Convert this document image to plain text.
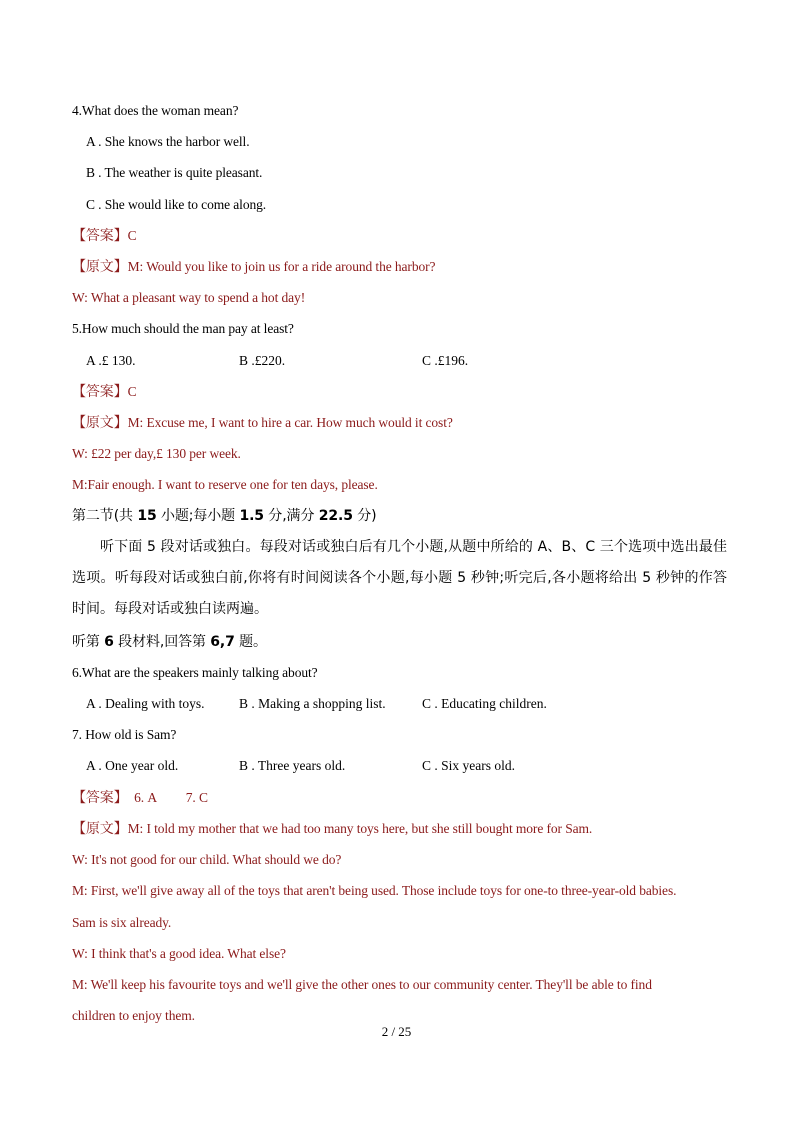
4.What does the woman mean?
A . She knows the harbor well.
B . The weather is quite pleasant.
C . She would like to come along.
【答案】C
【原文】M: Would you like to join us for a ride around the harbor?
W: What a pleasant way to spend a hot day!
5.How much should the man pay at least?
A .£ 130.	B .£220.	C .£196.
【答案】C
【原文】M: Excuse me, I want to hire a car. How much would it cost?
W: £22 per day,£ 130 per week.
M:Fair enough. I want to reserve one for ten days, please.
第二节(共 15 小题;每小题 1.5 分,满分 22.5 分)
听下面 5 段对话或独白。每段对话或独白后有几个小题,从题中所给的 A、B、C 三个选项中选出最佳选项。听每段对话或独白前,你将有时间阅读各个小题,每小题 5 秒钟;听完后,各小题将给出 5 秒钟的作答时间。每段对话或独白读两遍。
听第 6 段材料,回答第 6,7 题。
6.What are the speakers mainly talking about?
A . Dealing with toys.	B . Making a shopping list.	C . Educating children.
7. How old is Sam?
A . One year old.	B . Three years old.	C . Six years old.
【答案】  6. A         7. C
【原文】M: I told my mother that we had too many toys here, but she still bought more for Sam.
W: It's not good for our child. What should we do?
M: First, we'll give away all of the toys that aren't being used. Those include toys for one-to three-year-old babies.
Sam is six already.
W: I think that's a good idea. What else?
M: We'll keep his favourite toys and we'll give the other ones to our community center. They'll be able to find
children to enjoy them.
2 / 25
